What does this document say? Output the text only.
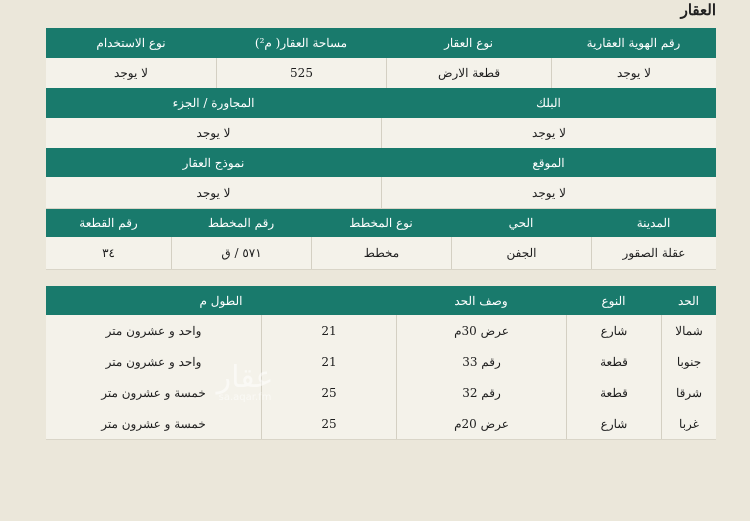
العقار
رقم الهوية العقارية
نوع العقار
مساحة العقار( م²)
نوع الاستخدام
لا يوجد
قطعة الارض
525
لا يوجد
البلك
المجاورة / الجزء
لا يوجد
لا يوجد
الموقع
نموذج العقار
لا يوجد
لا يوجد
المدينة
الحي
نوع المخطط
رقم المخطط
رقم القطعة
عقلة الصقور
الجفن
مخطط
٥٧١ / ق
٣٤
الحد
النوع
وصف الحد
الطول م
شمالا
شارع
عرض 30م
21
واحد و عشرون متر
جنوبا
قطعة
رقم 33
21
واحد و عشرون متر
شرقا
قطعة
رقم 32
25
خمسة و عشرون متر
غربا
شارع
عرض 20م
25
خمسة و عشرون متر
عقار
sa.aqar.fm
